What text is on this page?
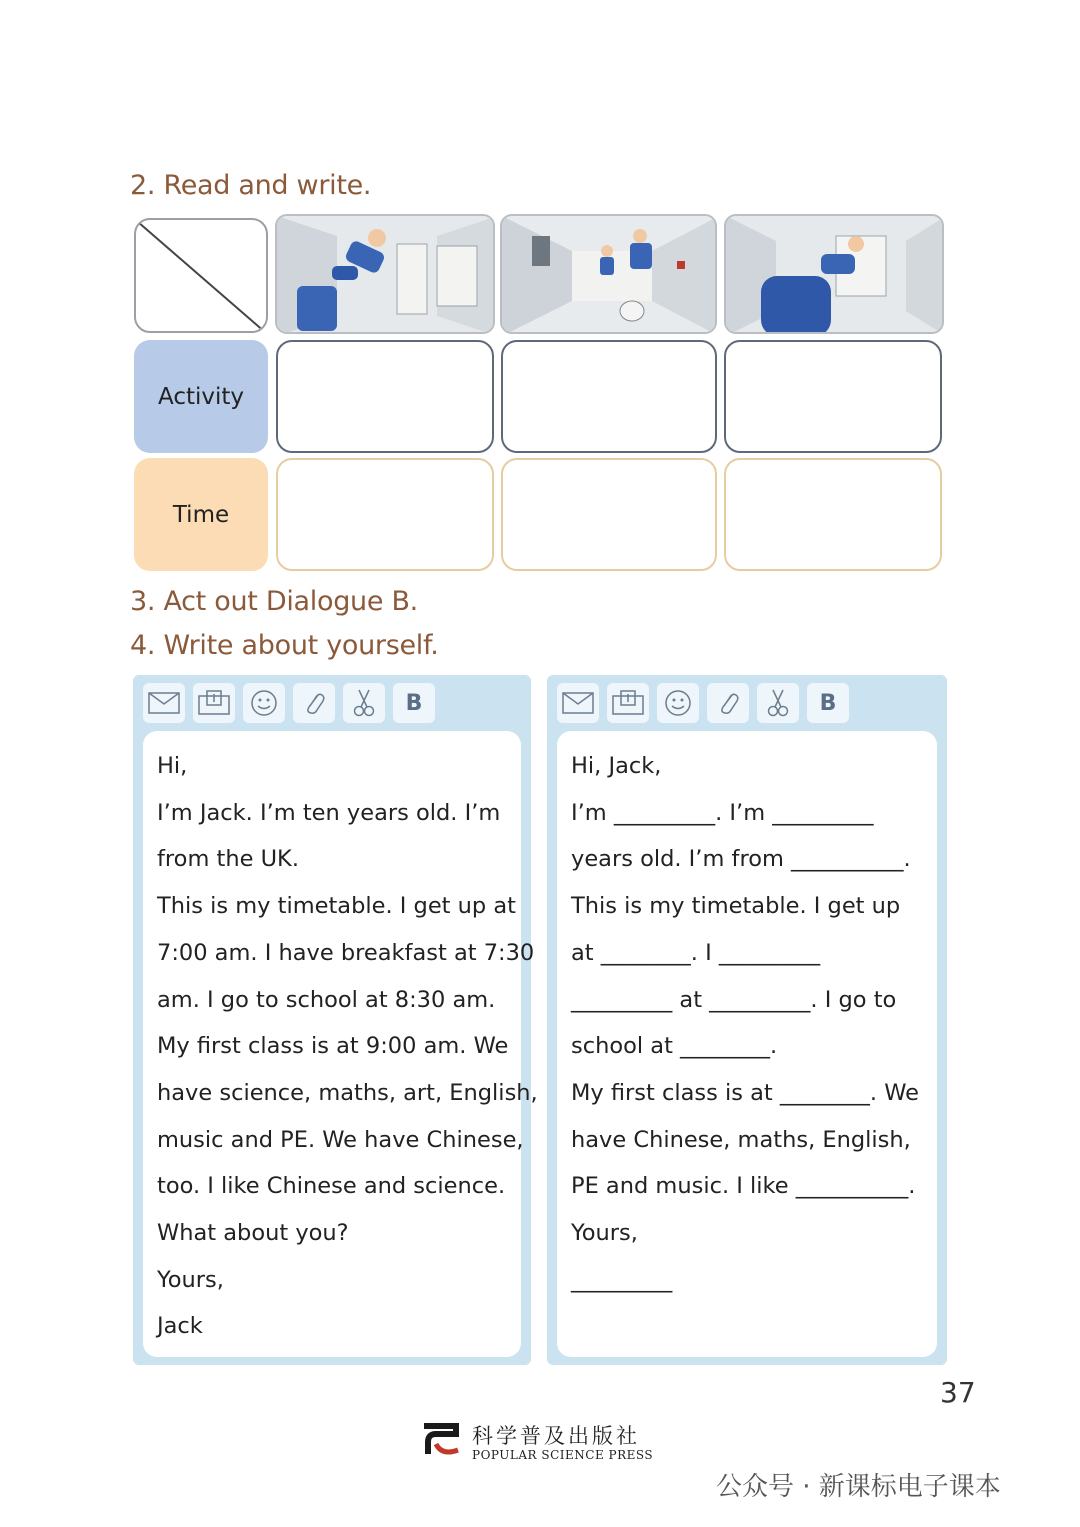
2. Read and write.
Activity
Time
3. Act out Dialogue B.
4. Write about yourself.
B
Hi,
I’m Jack. I’m ten years old. I’m
from the UK.
This is my timetable. I get up at
7:00 am. I have breakfast at 7:30
am. I go to school at 8:30 am.
My first class is at 9:00 am. We
have science, maths, art, English,
music and PE. We have Chinese,
too. I like Chinese and science.
What about you?
Yours,
Jack
B
Hi, Jack,
I’m _________. I’m _________
years old. I’m from __________.
This is my timetable. I get up
at ________. I _________
_________ at _________. I go to
school at ________.
My first class is at ________. We
have Chinese, maths, English,
PE and music. I like __________.
Yours,
_________
37
科学普及出版社
POPULAR SCIENCE PRESS
公众号 · 新课标电子课本
